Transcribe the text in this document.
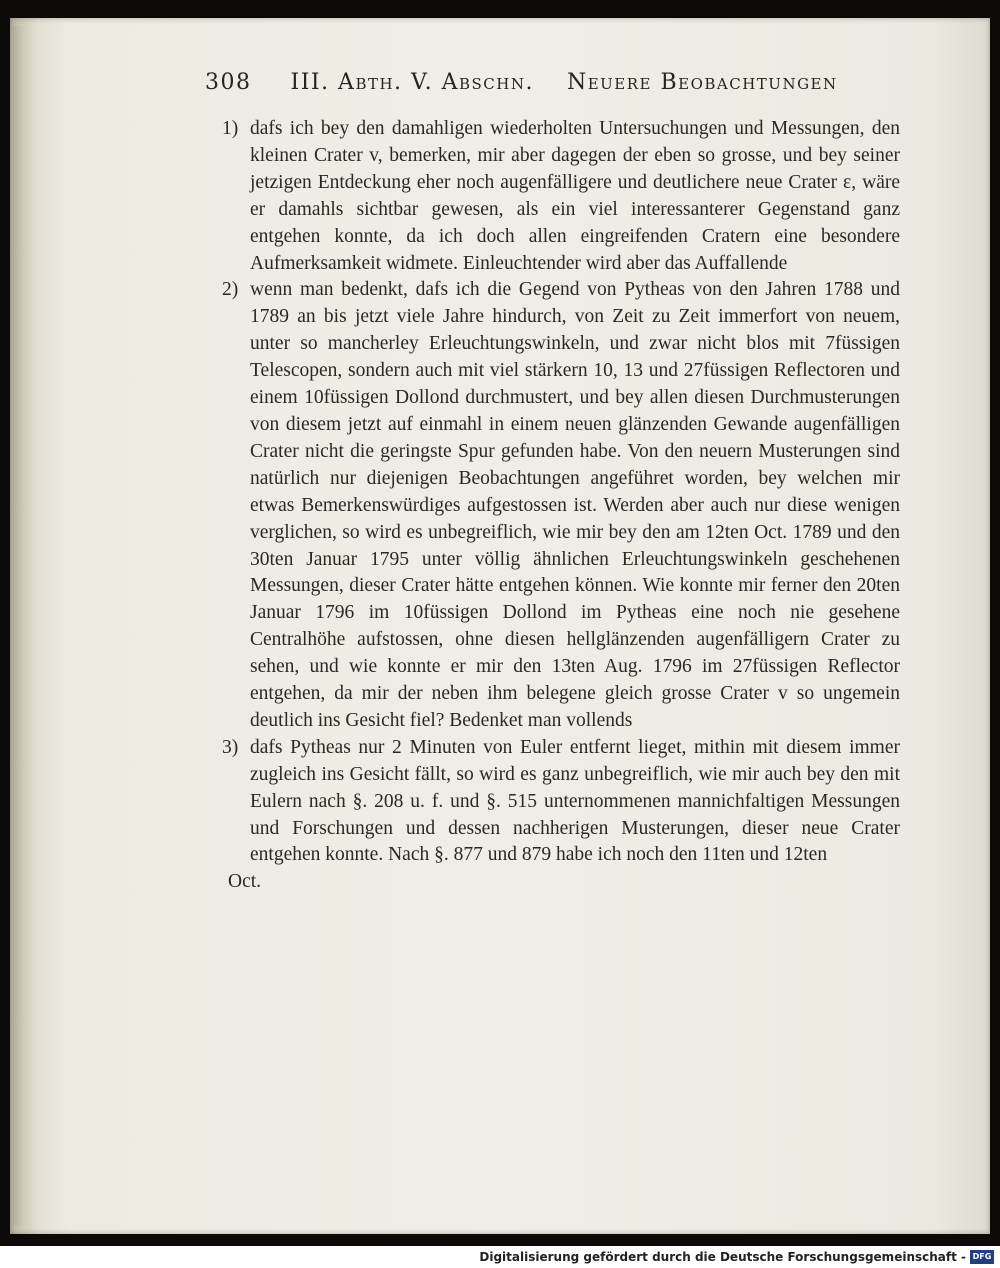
308 III. Abth. V. Abschn. Neuere Beobachtungen

1) dafs ich bey den damahligen wiederholten Untersuchungen und Messungen, den kleinen Crater v, bemerken, mir aber dagegen der eben so grosse, und bey seiner jetzigen Entdeckung eher noch augenfälligere und deutlichere neue Crater ε, wäre er damahls sichtbar gewesen, als ein viel interessanterer Gegenstand ganz entgehen konnte, da ich doch allen eingreifenden Cratern eine besondere Aufmerksamkeit widmete. Einleuchtender wird aber das Auffallende

2) wenn man bedenkt, dafs ich die Gegend von Pytheas von den Jahren 1788 und 1789 an bis jetzt viele Jahre hindurch, von Zeit zu Zeit immerfort von neuem, unter so mancherley Erleuchtungswinkeln, und zwar nicht blos mit 7füssigen Telescopen, sondern auch mit viel stärkern 10, 13 und 27füssigen Reflectoren und einem 10füssigen Dollond durchmustert, und bey allen diesen Durchmusterungen von diesem jetzt auf einmahl in einem neuen glänzenden Gewande augenfälligen Crater nicht die geringste Spur gefunden habe. Von den neuern Musterungen sind natürlich nur diejenigen Beobachtungen angeführet worden, bey welchen mir etwas Bemerkenswürdiges aufgestossen ist. Werden aber auch nur diese wenigen verglichen, so wird es unbegreiflich, wie mir bey den am 12ten Oct. 1789 und den 30ten Januar 1795 unter völlig ähnlichen Erleuchtungswinkeln geschehenen Messungen, dieser Crater hätte entgehen können. Wie konnte mir ferner den 20ten Januar 1796 im 10füssigen Dollond im Pytheas eine noch nie gesehene Centralhöhe aufstossen, ohne diesen hellglänzenden augenfälligern Crater zu sehen, und wie konnte er mir den 13ten Aug. 1796 im 27füssigen Reflector entgehen, da mir der neben ihm belegene gleich grosse Crater v so ungemein deutlich ins Gesicht fiel? Bedenket man vollends

3) dafs Pytheas nur 2 Minuten von Euler entfernt lieget, mithin mit diesem immer zugleich ins Gesicht fällt, so wird es ganz unbegreiflich, wie mir auch bey den mit Eulern nach §. 208 u. f. und §. 515 unternommenen mannichfaltigen Messungen und Forschungen und dessen nachherigen Musterungen, dieser neue Crater entgehen konnte. Nach §. 877 und 879 habe ich noch den 11ten und 12ten

Oct.

Digitalisierung gefördert durch die Deutsche Forschungsgemeinschaft - DFG
